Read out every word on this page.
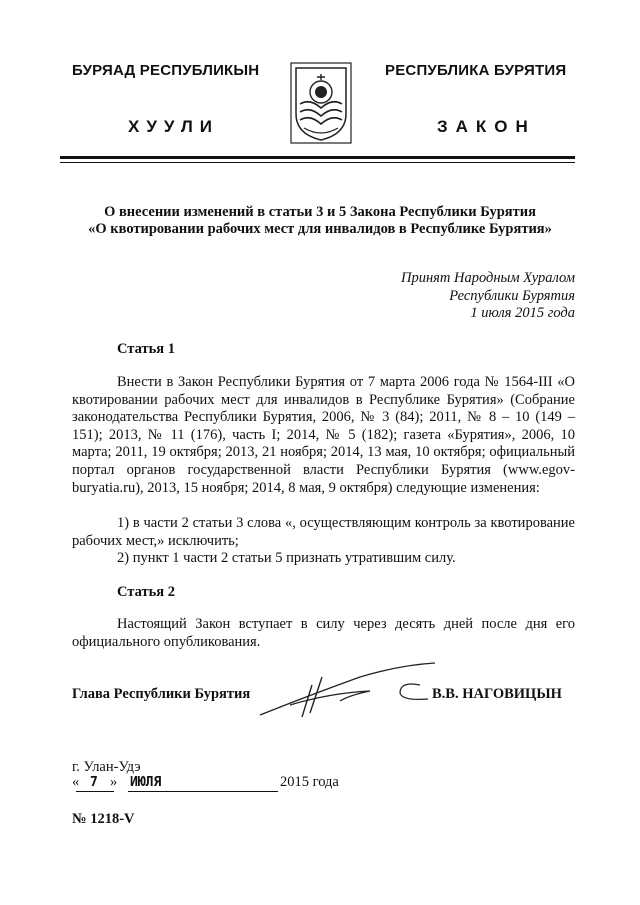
БУРЯАД РЕСПУБЛИКЫН	РЕСПУБЛИКА БУРЯТИЯ
ХУУЛИ	ЗАКОН
О внесении изменений в статьи 3 и 5 Закона Республики Бурятия
«О квотировании рабочих мест для инвалидов в Республике Бурятия»
Принят Народным Хуралом
Республики Бурятия
1 июля 2015 года
Статья 1
Внести в Закон Республики Бурятия от 7 марта 2006 года № 1564-III «О квотировании рабочих мест для инвалидов в Республике Бурятия» (Собрание законодательства Республики Бурятия, 2006, № 3 (84); 2011, № 8 – 10 (149 – 151); 2013, № 11 (176), часть I; 2014, № 5 (182); газета «Бурятия», 2006, 10 марта; 2011, 19 октября; 2013, 21 ноября; 2014, 13 мая, 10 октября; официальный портал органов государственной власти Республики Бурятия (www.egov-buryatia.ru), 2013, 15 ноября; 2014, 8 мая, 9 октября) следующие изменения:
1) в части 2 статьи 3 слова «, осуществляющим контроль за квотирование рабочих мест,» исключить;
2) пункт 1 части 2 статьи 5 признать утратившим силу.
Статья 2
Настоящий Закон вступает в силу через десять дней после дня его официального опубликования.
Глава Республики Бурятия	В.В. НАГОВИЦЫН
г. Улан-Удэ
« 7 » ИЮЛЯ	2015 года
№ 1218-V
